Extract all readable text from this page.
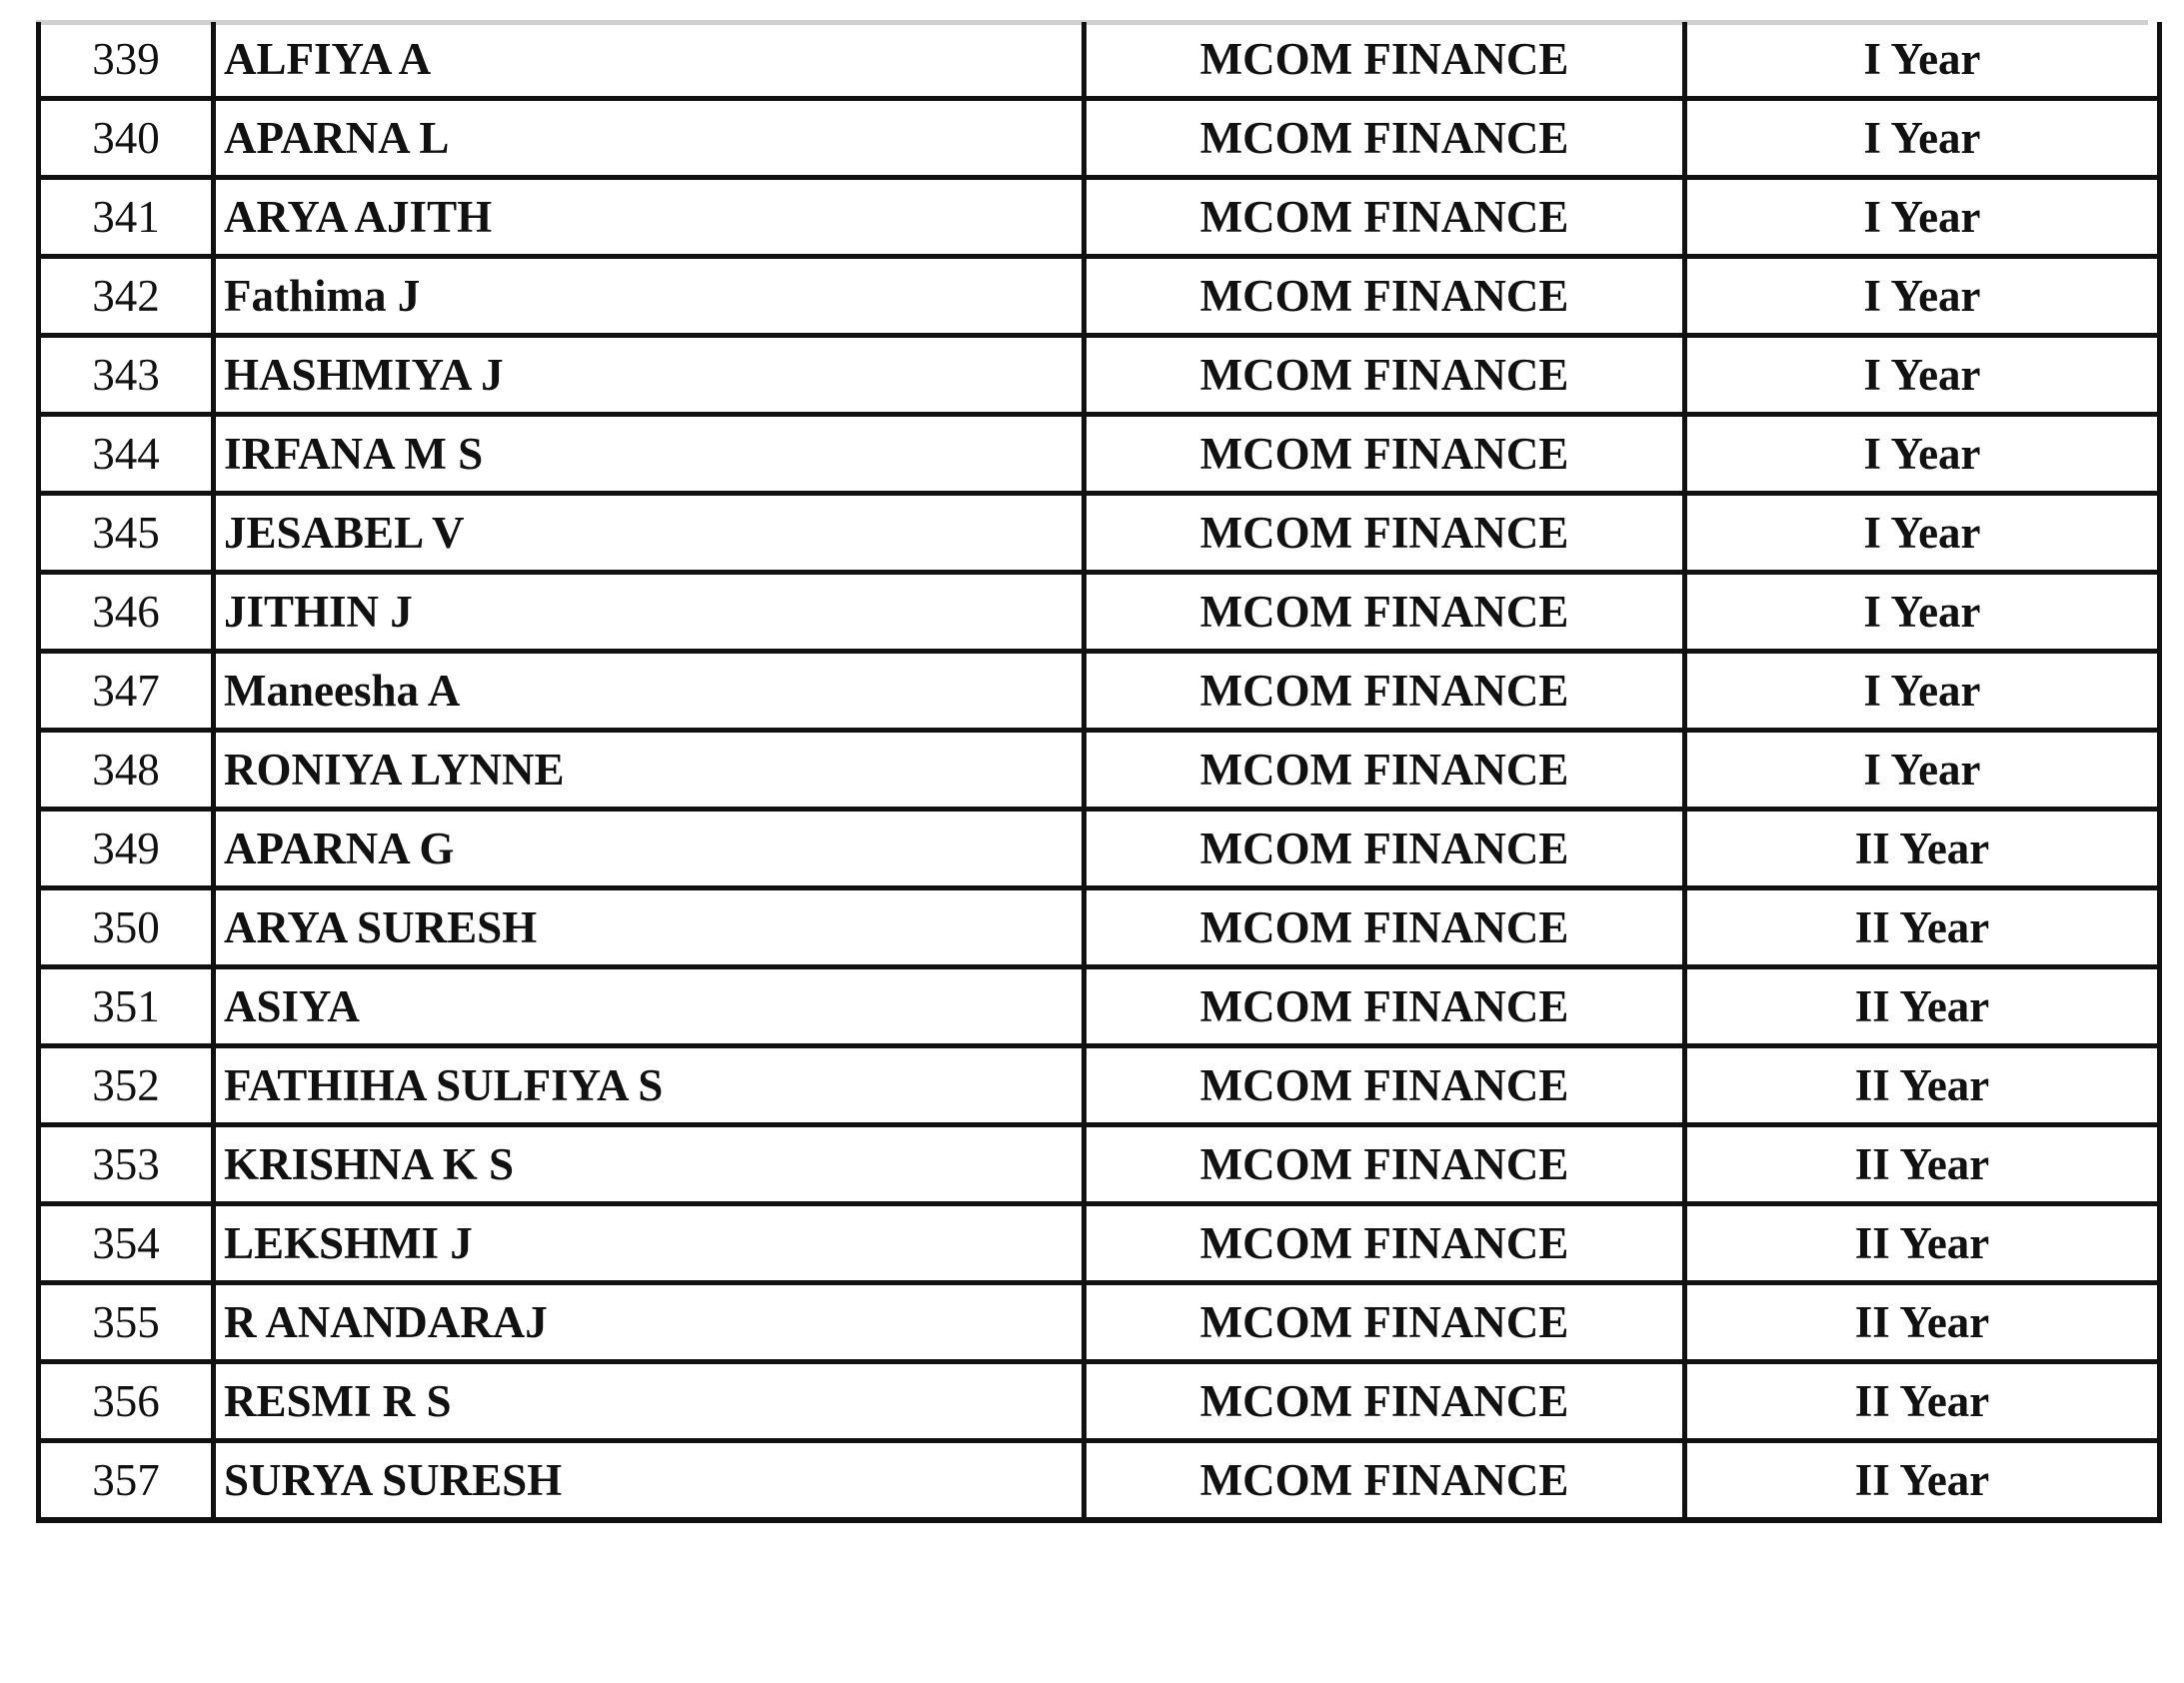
339	ALFIYA A	MCOM FINANCE	I Year
340	APARNA L	MCOM FINANCE	I Year
341	ARYA AJITH	MCOM FINANCE	I Year
342	Fathima J	MCOM FINANCE	I Year
343	HASHMIYA J	MCOM FINANCE	I Year
344	IRFANA M S	MCOM FINANCE	I Year
345	JESABEL V	MCOM FINANCE	I Year
346	JITHIN J	MCOM FINANCE	I Year
347	Maneesha A	MCOM FINANCE	I Year
348	RONIYA LYNNE	MCOM FINANCE	I Year
349	APARNA G	MCOM FINANCE	II Year
350	ARYA SURESH	MCOM FINANCE	II Year
351	ASIYA	MCOM FINANCE	II Year
352	FATHIHA SULFIYA S	MCOM FINANCE	II Year
353	KRISHNA K S	MCOM FINANCE	II Year
354	LEKSHMI J	MCOM FINANCE	II Year
355	R ANANDARAJ	MCOM FINANCE	II Year
356	RESMI R S	MCOM FINANCE	II Year
357	SURYA SURESH	MCOM FINANCE	II Year
